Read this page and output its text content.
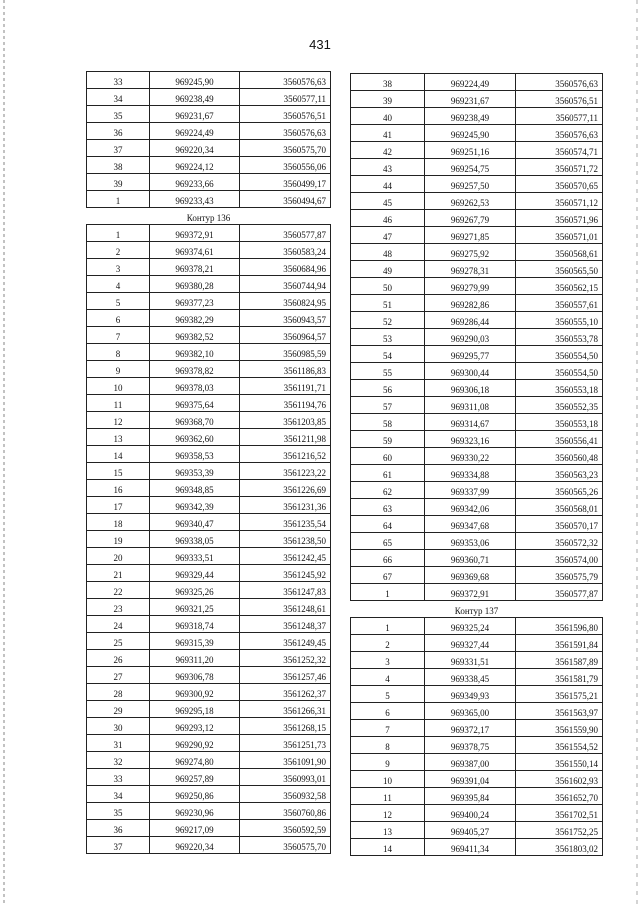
431
33	969245,90	3560576,63
34	969238,49	3560577,11
35	969231,67	3560576,51
36	969224,49	3560576,63
37	969220,34	3560575,70
38	969224,12	3560556,06
39	969233,66	3560499,17
1	969233,43	3560494,67
Контур 136		
1	969372,91	3560577,87
2	969374,61	3560583,24
3	969378,21	3560684,96
4	969380,28	3560744,94
5	969377,23	3560824,95
6	969382,29	3560943,57
7	969382,52	3560964,57
8	969382,10	3560985,59
9	969378,82	3561186,83
10	969378,03	3561191,71
11	969375,64	3561194,76
12	969368,70	3561203,85
13	969362,60	3561211,98
14	969358,53	3561216,52
15	969353,39	3561223,22
16	969348,85	3561226,69
17	969342,39	3561231,36
18	969340,47	3561235,54
19	969338,05	3561238,50
20	969333,51	3561242,45
21	969329,44	3561245,92
22	969325,26	3561247,83
23	969321,25	3561248,61
24	969318,74	3561248,37
25	969315,39	3561249,45
26	969311,20	3561252,32
27	969306,78	3561257,46
28	969300,92	3561262,37
29	969295,18	3561266,31
30	969293,12	3561268,15
31	969290,92	3561251,73
32	969274,80	3561091,90
33	969257,89	3560993,01
34	969250,86	3560932,58
35	969230,96	3560760,86
36	969217,09	3560592,59
37	969220,34	3560575,70
38	969224,49	3560576,63
39	969231,67	3560576,51
40	969238,49	3560577,11
41	969245,90	3560576,63
42	969251,16	3560574,71
43	969254,75	3560571,72
44	969257,50	3560570,65
45	969262,53	3560571,12
46	969267,79	3560571,96
47	969271,85	3560571,01
48	969275,92	3560568,61
49	969278,31	3560565,50
50	969279,99	3560562,15
51	969282,86	3560557,61
52	969286,44	3560555,10
53	969290,03	3560553,78
54	969295,77	3560554,50
55	969300,44	3560554,50
56	969306,18	3560553,18
57	969311,08	3560552,35
58	969314,67	3560553,18
59	969323,16	3560556,41
60	969330,22	3560560,48
61	969334,88	3560563,23
62	969337,99	3560565,26
63	969342,06	3560568,01
64	969347,68	3560570,17
65	969353,06	3560572,32
66	969360,71	3560574,00
67	969369,68	3560575,79
1	969372,91	3560577,87
Контур 137		
1	969325,24	3561596,80
2	969327,44	3561591,84
3	969331,51	3561587,89
4	969338,45	3561581,79
5	969349,93	3561575,21
6	969365,00	3561563,97
7	969372,17	3561559,90
8	969378,75	3561554,52
9	969387,00	3561550,14
10	969391,04	3561602,93
11	969395,84	3561652,70
12	969400,24	3561702,51
13	969405,27	3561752,25
14	969411,34	3561803,02
